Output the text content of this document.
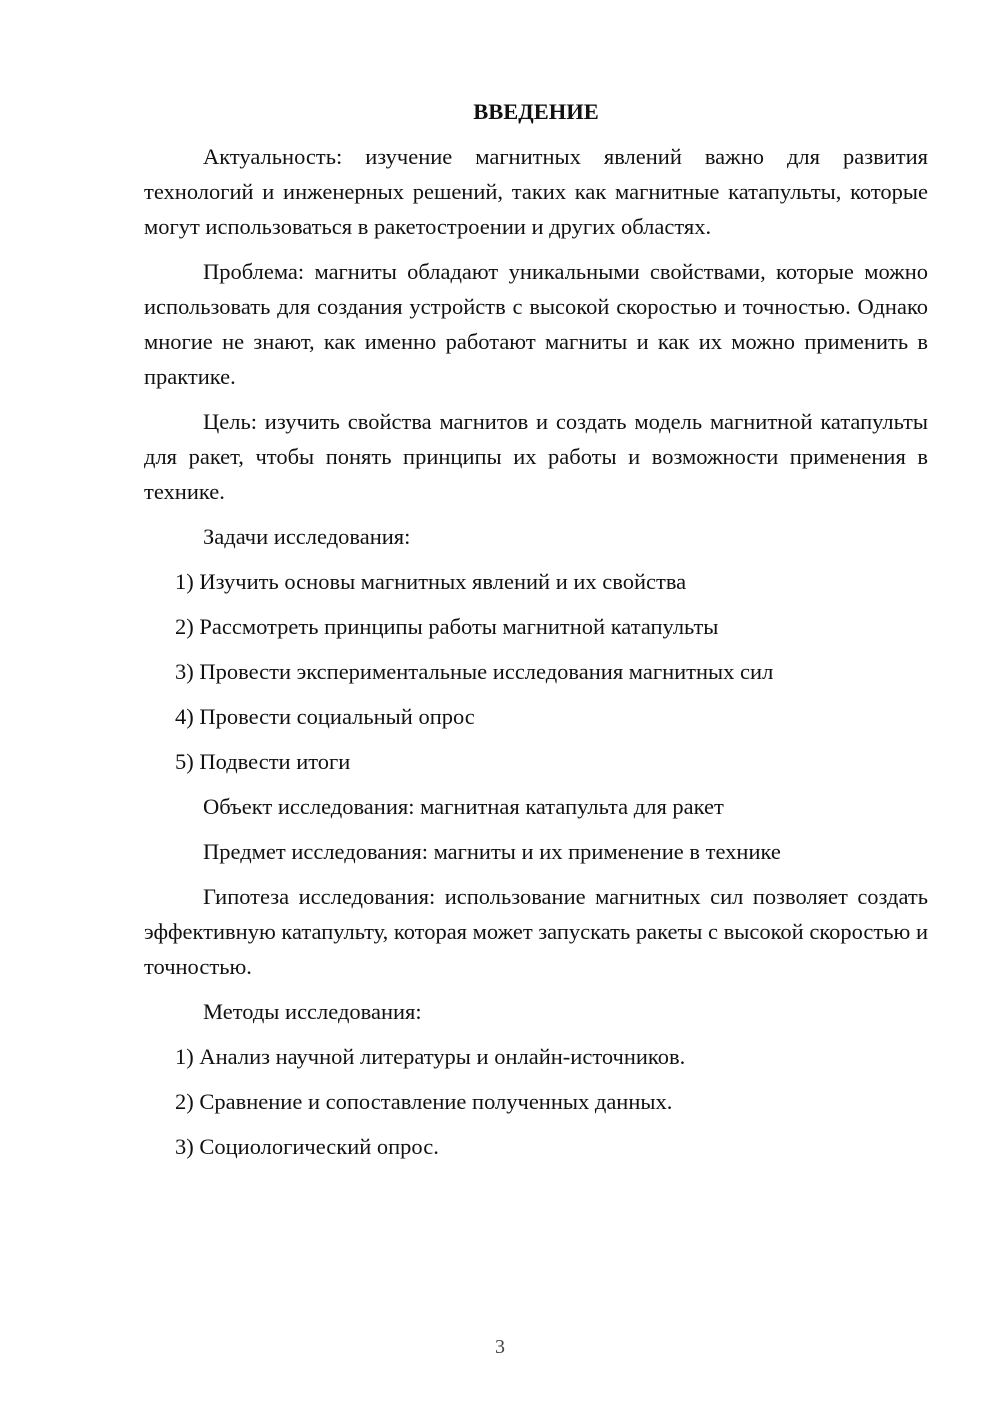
ВВЕДЕНИЕ
Актуальность: изучение магнитных явлений важно для развития технологий и инженерных решений, таких как магнитные катапульты, которые могут использоваться в ракетостроении и других областях.
Проблема: магниты обладают уникальными свойствами, которые можно использовать для создания устройств с высокой скоростью и точностью. Однако многие не знают, как именно работают магниты и как их можно применить в практике.
Цель: изучить свойства магнитов и создать модель магнитной катапульты для ракет, чтобы понять принципы их работы и возможности применения в технике.
Задачи исследования:
1) Изучить основы магнитных явлений и их свойства
2) Рассмотреть принципы работы магнитной катапульты
3) Провести экспериментальные исследования магнитных сил
4) Провести социальный опрос
5) Подвести итоги
Объект исследования: магнитная катапульта для ракет
Предмет исследования: магниты и их применение в технике
Гипотеза исследования: использование магнитных сил позволяет создать эффективную катапульту, которая может запускать ракеты с высокой скоростью и точностью.
Методы исследования:
1) Анализ научной литературы и онлайн-источников.
2) Сравнение и сопоставление полученных данных.
3) Социологический опрос.
3
